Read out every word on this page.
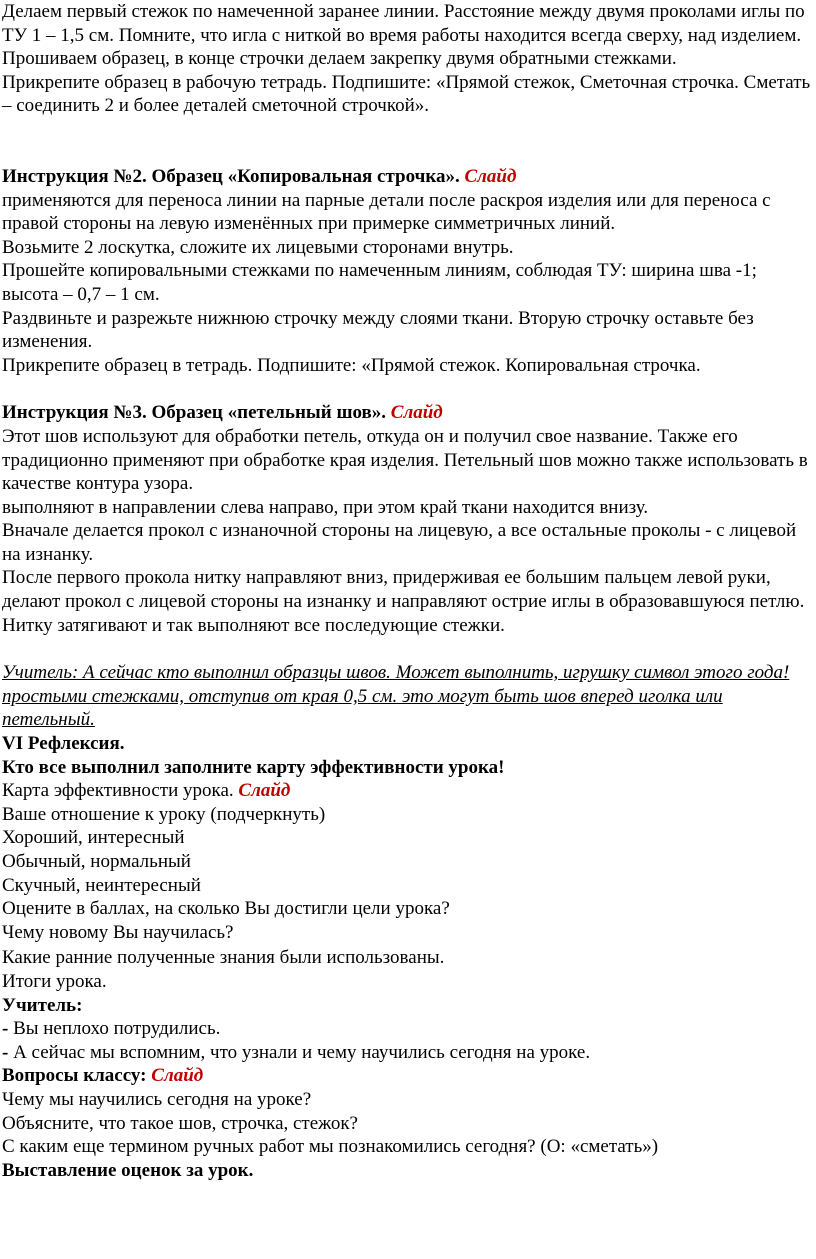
Делаем первый стежок по намеченной заранее линии. Расстояние между двумя проколами иглы по ТУ 1 – 1,5 см. Помните, что игла с ниткой во время работы находится всегда сверху, над изделием.

Прошиваем образец, в конце строчки делаем закрепку двумя обратными стежками.

Прикрепите образец в рабочую тетрадь. Подпишите: «Прямой стежок, Сметочная строчка. Сметать – соединить 2 и более деталей сметочной строчкой».

Инструкция №2. Образец «Копировальная строчка». Слайд

применяются для переноса линии на парные детали после раскроя изделия или для переноса с правой стороны на левую изменённых при примерке симметричных линий.

Возьмите 2 лоскутка, сложите их лицевыми сторонами внутрь.

Прошейте копировальными стежками по намеченным линиям, соблюдая ТУ: ширина шва -1; высота – 0,7 – 1 см.

Раздвиньте и разрежьте нижнюю строчку между слоями ткани. Вторую строчку оставьте без изменения.

Прикрепите образец в тетрадь. Подпишите: «Прямой стежок. Копировальная строчка.

Инструкция №3. Образец «петельный шов». Слайд

Этот шов используют для обработки петель, откуда он и получил свое название. Также его традиционно применяют при обработке края изделия. Петельный шов можно также использовать в качестве контура узора.

выполняют в направлении слева направо, при этом край ткани находится внизу.

Вначале делается прокол с изнаночной стороны на лицевую, а все остальные проколы - с лицевой на изнанку.

После первого прокола нитку направляют вниз, придерживая ее большим пальцем левой руки, делают прокол с лицевой стороны на изнанку и направляют острие иглы в образовавшуюся петлю.

Нитку затягивают и так выполняют все последующие стежки.

Учитель: А сейчас кто выполнил образцы швов. Может выполнить, игрушку символ этого года!простыми стежками, отступив от края 0,5 см. это могут быть шов вперед иголка или петельный.

VI Рефлексия.

Кто все выполнил заполните карту эффективности урока!

Карта эффективности урока. Слайд

Ваше отношение к уроку (подчеркнуть)

Хороший, интересный

Обычный, нормальный

Скучный, неинтересный

Оцените в баллах, на сколько Вы достигли цели урока?

Чему новому Вы научилась?

Какие ранние полученные знания были использованы.

Итоги урока.

Учитель:

- Вы неплохо потрудились.

- А сейчас мы вспомним, что узнали и чему научились сегодня на уроке.

Вопросы классу: Слайд

Чему мы научились сегодня на уроке?

Объясните, что такое шов, строчка, стежок?

С каким еще термином ручных работ мы познакомились сегодня? (О: «сметать»)

Выставление оценок за урок.
